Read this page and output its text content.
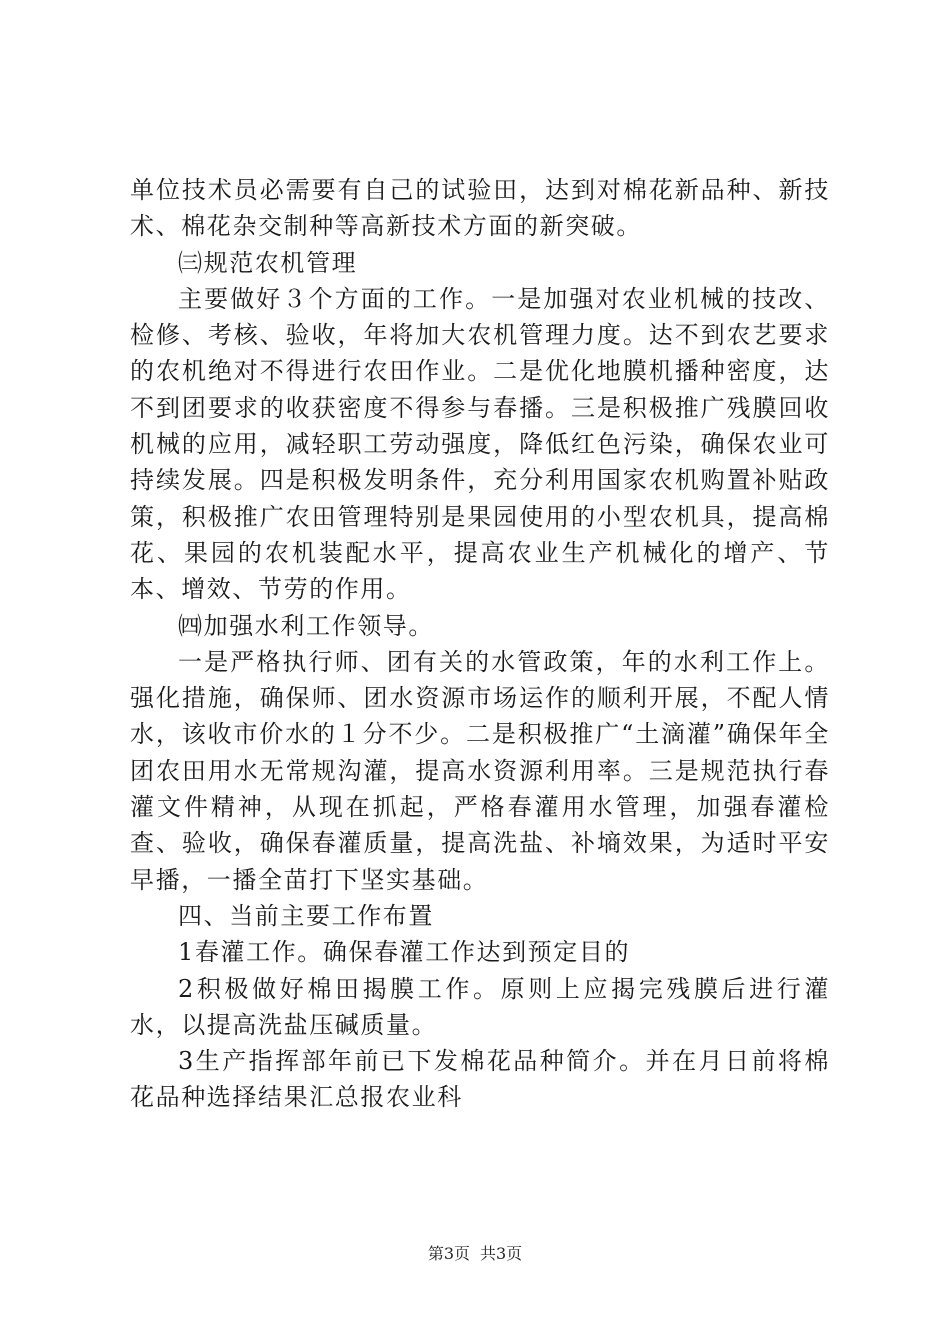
单位技术员必需要有自己的试验田，达到对棉花新品种、新技术、棉花杂交制种等高新技术方面的新突破。

㈢规范农机管理

主要做好３个方面的工作。一是加强对农业机械的技改、检修、考核、验收，年将加大农机管理力度。达不到农艺要求的农机绝对不得进行农田作业。二是优化地膜机播种密度，达不到团要求的收获密度不得参与春播。三是积极推广残膜回收机械的应用，减轻职工劳动强度，降低红色污染，确保农业可持续发展。四是积极发明条件，充分利用国家农机购置补贴政策，积极推广农田管理特别是果园使用的小型农机具，提高棉花、果园的农机装配水平，提高农业生产机械化的增产、节本、增效、节劳的作用。

㈣加强水利工作领导。

一是严格执行师、团有关的水管政策，年的水利工作上。强化措施，确保师、团水资源市场运作的顺利开展，不配人情水，该收市价水的１分不少。二是积极推广“土滴灌”确保年全团农田用水无常规沟灌，提高水资源利用率。三是规范执行春灌文件精神，从现在抓起，严格春灌用水管理，加强春灌检查、验收，确保春灌质量，提高洗盐、补墒效果，为适时平安早播，一播全苗打下坚实基础。

四、当前主要工作布置

1春灌工作。确保春灌工作达到预定目的

2积极做好棉田揭膜工作。原则上应揭完残膜后进行灌水，以提高洗盐压碱质量。

3生产指挥部年前已下发棉花品种简介。并在月日前将棉花品种选择结果汇总报农业科

第3页 共3页
